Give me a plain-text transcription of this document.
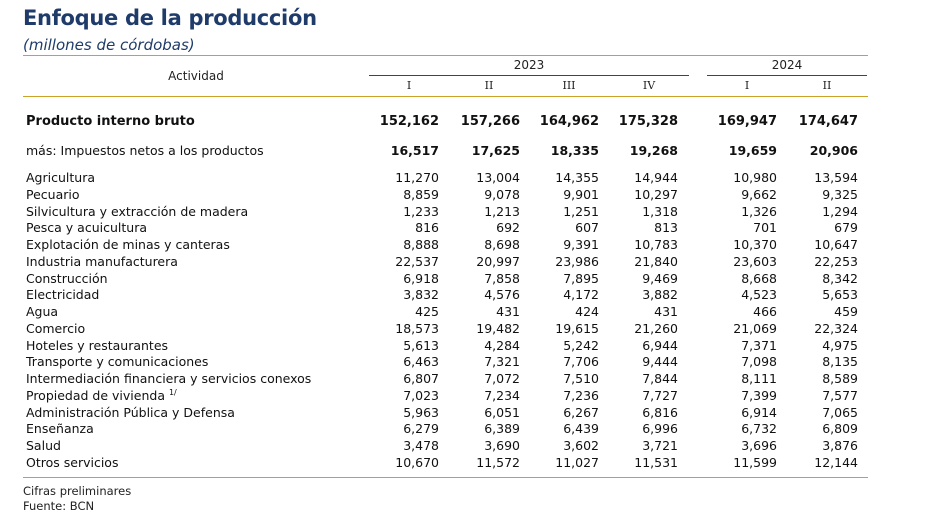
Enfoque de la producción
(millones de córdobas)
Actividad
2023	2024
I	II	III	IV	I	II
Producto interno bruto	152,162	157,266	164,962	175,328	169,947	174,647
más: Impuestos netos a los productos	16,517	17,625	18,335	19,268	19,659	20,906
Agricultura	11,270	13,004	14,355	14,944	10,980	13,594
Pecuario	8,859	9,078	9,901	10,297	9,662	9,325
Silvicultura y extracción de madera	1,233	1,213	1,251	1,318	1,326	1,294
Pesca y acuicultura	816	692	607	813	701	679
Explotación de minas y canteras	8,888	8,698	9,391	10,783	10,370	10,647
Industria manufacturera	22,537	20,997	23,986	21,840	23,603	22,253
Construcción	6,918	7,858	7,895	9,469	8,668	8,342
Electricidad	3,832	4,576	4,172	3,882	4,523	5,653
Agua	425	431	424	431	466	459
Comercio	18,573	19,482	19,615	21,260	21,069	22,324
Hoteles y restaurantes	5,613	4,284	5,242	6,944	7,371	4,975
Transporte y comunicaciones	6,463	7,321	7,706	9,444	7,098	8,135
Intermediación financiera y servicios conexos	6,807	7,072	7,510	7,844	8,111	8,589
Propiedad de vivienda $^{1/}$	7,023	7,234	7,236	7,727	7,399	7,577
Administración Pública y Defensa	5,963	6,051	6,267	6,816	6,914	7,065
Enseñanza	6,279	6,389	6,439	6,996	6,732	6,809
Salud	3,478	3,690	3,602	3,721	3,696	3,876
Otros servicios	10,670	11,572	11,027	11,531	11,599	12,144
Cifras preliminares
Fuente: BCN
